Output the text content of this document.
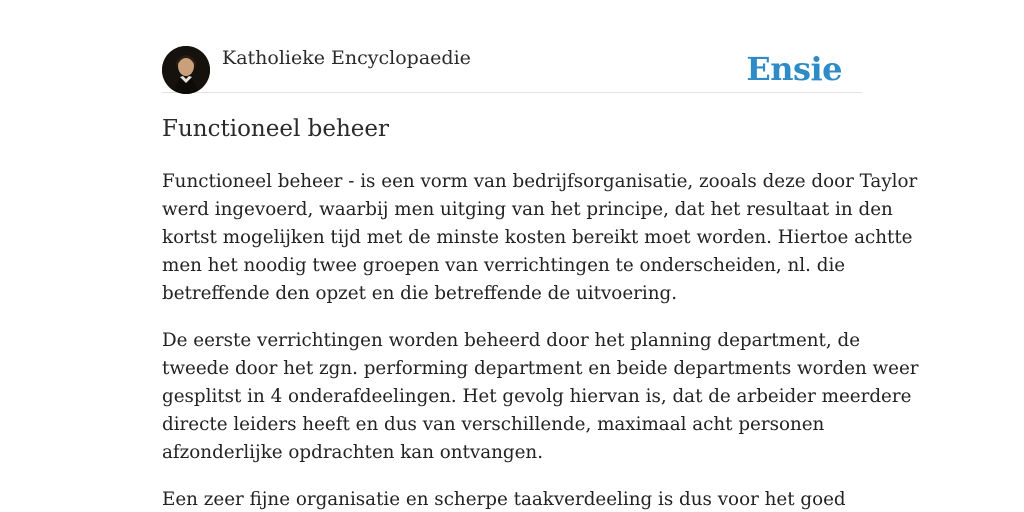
Katholieke Encyclopaedie	Ensie
Functioneel beheer

Functioneel beheer - is een vorm van bedrijfsorganisatie, zooals deze door Taylor
werd ingevoerd, waarbij men uitging van het principe, dat het resultaat in den
kortst mogelijken tijd met de minste kosten bereikt moet worden. Hiertoe achtte
men het noodig twee groepen van verrichtingen te onderscheiden, nl. die
betreffende den opzet en die betreffende de uitvoering.

De eerste verrichtingen worden beheerd door het planning department, de
tweede door het zgn. performing department en beide departments worden weer
gesplitst in 4 onderafdeelingen. Het gevolg hiervan is, dat de arbeider meerdere
directe leiders heeft en dus van verschillende, maximaal acht personen
afzonderlijke opdrachten kan ontvangen.

Een zeer fijne organisatie en scherpe taakverdeeling is dus voor het goed
